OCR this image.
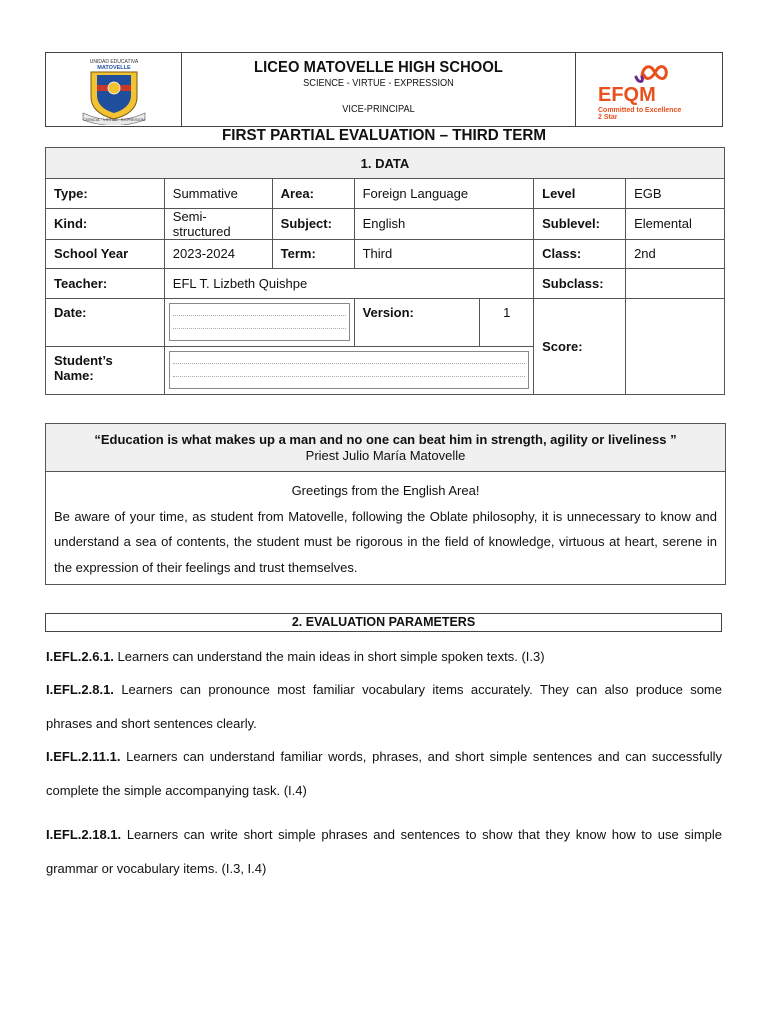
UNIDAD EDUCATIVA
MATOVELLE
CIENCIA · VIRTUD · EXPRESION
LICEO MATOVELLE HIGH SCHOOL
SCIENCE - VIRTUE - EXPRESSION
VICE-PRINCIPAL
EFQM
Committed to Excellence
2 Star
FIRST PARTIAL EVALUATION – THIRD TERM
1. DATA						
Type:	Summative	Area:	Foreign Language		Level	EGB
Kind:	Semi-structured	Subject:	English		Sublevel:	Elemental
School Year	2023-2024	Term:	Third		Class:	2nd
Teacher:	EFL T. Lizbeth Quishpe				Subclass:	
Date:			Version:	1	Score:	
Student’s Name:						
“Education is what makes up a man and no one can beat him in strength, agility or liveliness ”
Priest Julio María Matovelle
Greetings from the English Area!
Be aware of your time, as student from Matovelle, following the Oblate philosophy, it is unnecessary to know and understand a sea of contents, the student must be rigorous in the field of knowledge, virtuous at heart, serene in the expression of their feelings and trust themselves.
2. EVALUATION PARAMETERS
I.EFL.2.6.1. Learners can understand the main ideas in short simple spoken texts. (I.3)
I.EFL.2.8.1. Learners can pronounce most familiar vocabulary items accurately. They can also produce some phrases and short sentences clearly.
I.EFL.2.11.1. Learners can understand familiar words, phrases, and short simple sentences and can successfully complete the simple accompanying task. (I.4)
I.EFL.2.18.1. Learners can write short simple phrases and sentences to show that they know how to use simple grammar or vocabulary items. (I.3, I.4)
